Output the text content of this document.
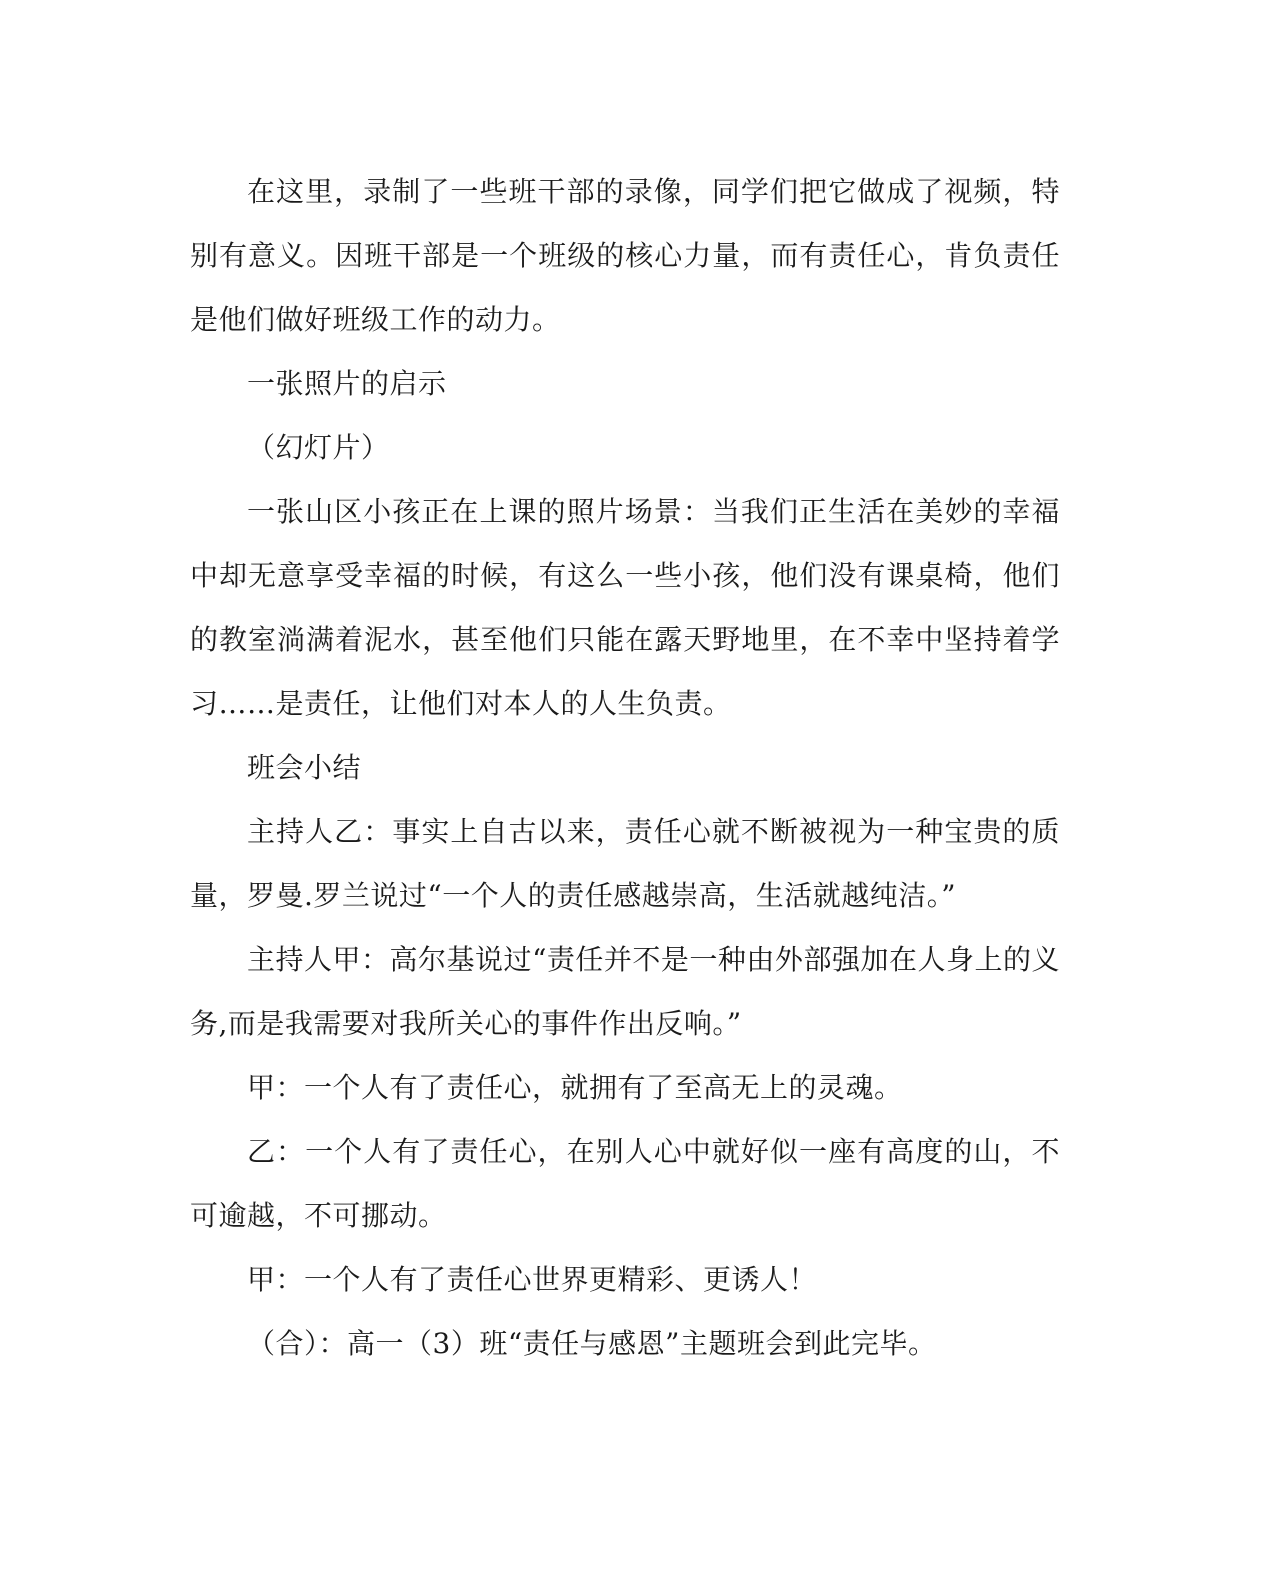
在这里，录制了一些班干部的录像，同学们把它做成了视频，特别有意义。因班干部是一个班级的核心力量，而有责任心，肯负责任是他们做好班级工作的动力。

一张照片的启示

（幻灯片）

一张山区小孩正在上课的照片场景：当我们正生活在美妙的幸福中却无意享受幸福的时候，有这么一些小孩，他们没有课桌椅，他们的教室淌满着泥水，甚至他们只能在露天野地里，在不幸中坚持着学习……是责任，让他们对本人的人生负责。

班会小结

主持人乙：事实上自古以来，责任心就不断被视为一种宝贵的质量，罗曼.罗兰说过“一个人的责任感越崇高，生活就越纯洁。”

主持人甲：高尔基说过“责任并不是一种由外部强加在人身上的义务,而是我需要对我所关心的事件作出反响。”

甲：一个人有了责任心，就拥有了至高无上的灵魂。

乙：一个人有了责任心，在别人心中就好似一座有高度的山，不可逾越，不可挪动。

甲：一个人有了责任心世界更精彩、更诱人！

（合）：高一（3）班“责任与感恩”主题班会到此完毕。
